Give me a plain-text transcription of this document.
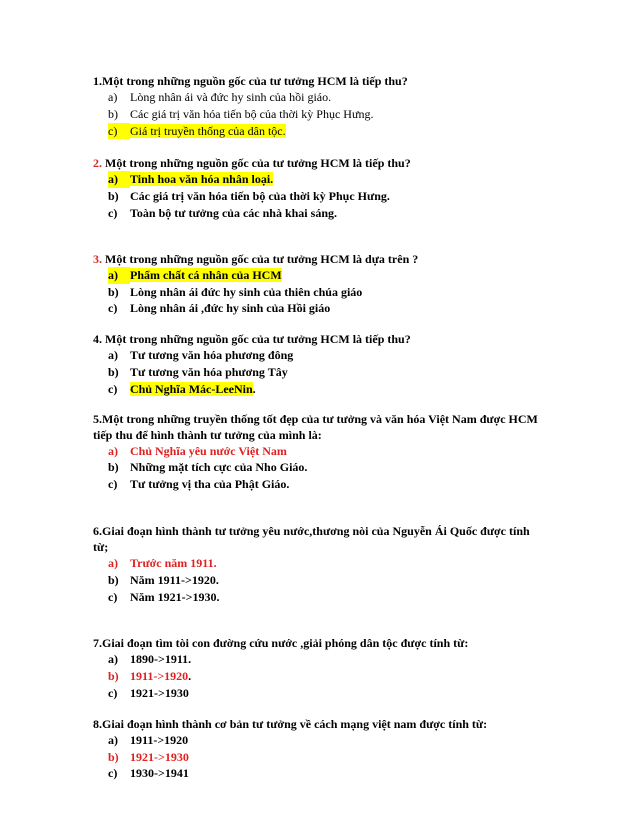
1.Một trong những nguồn gốc của tư tưởng HCM là tiếp thu?
a) Lòng nhân ái và đức hy sinh của hồi giáo.
b) Các giá trị văn hóa tiến bộ của thời kỳ Phục Hưng.
c) Giá trị truyền thống của dân tộc.
2. Một trong những nguồn gốc của tư tưởng HCM là tiếp thu?
a) Tinh hoa văn hóa nhân loại.
b) Các giá trị văn hóa tiến bộ của thời kỳ Phục Hưng.
c) Toàn bộ tư tưởng của các nhà khai sáng.
3. Một trong những nguồn gốc của tư tưởng HCM là dựa trên ?
a) Phẩm chất cá nhân của HCM
b) Lòng nhân ái đức hy sinh của thiên chúa giáo
c) Lòng nhân ái ,đức hy sinh của Hồi giáo
4. Một trong những nguồn gốc của tư tưởng HCM là tiếp thu?
a) Tư tương văn hóa phương đông
b) Tư tương văn hóa phương Tây
c) Chủ Nghĩa Mác-LeeNin.
5.Một trong những truyền thống tốt đẹp của tư tưởng và văn hóa Việt Nam được HCM tiếp thu để hình thành tư tưởng của mình là:
a) Chủ Nghĩa yêu nước Việt Nam
b) Những mặt tích cực của Nho Giáo.
c) Tư tưởng vị tha của Phật Giáo.
6.Giai đoạn hình thành tư tưởng yêu nước,thương nòi của Nguyễn Ái Quốc được tính từ;
a) Trước năm 1911.
b) Năm 1911->1920.
c) Năm 1921->1930.
7.Giai đoạn tìm tòi con đường cứu nước ,giải phóng dân tộc được tính từ:
a) 1890->1911.
b) 1911->1920.
c) 1921->1930
8.Giai đoạn hình thành cơ bản tư tưởng về cách mạng việt nam được tính từ:
a) 1911->1920
b) 1921->1930
c) 1930->1941
